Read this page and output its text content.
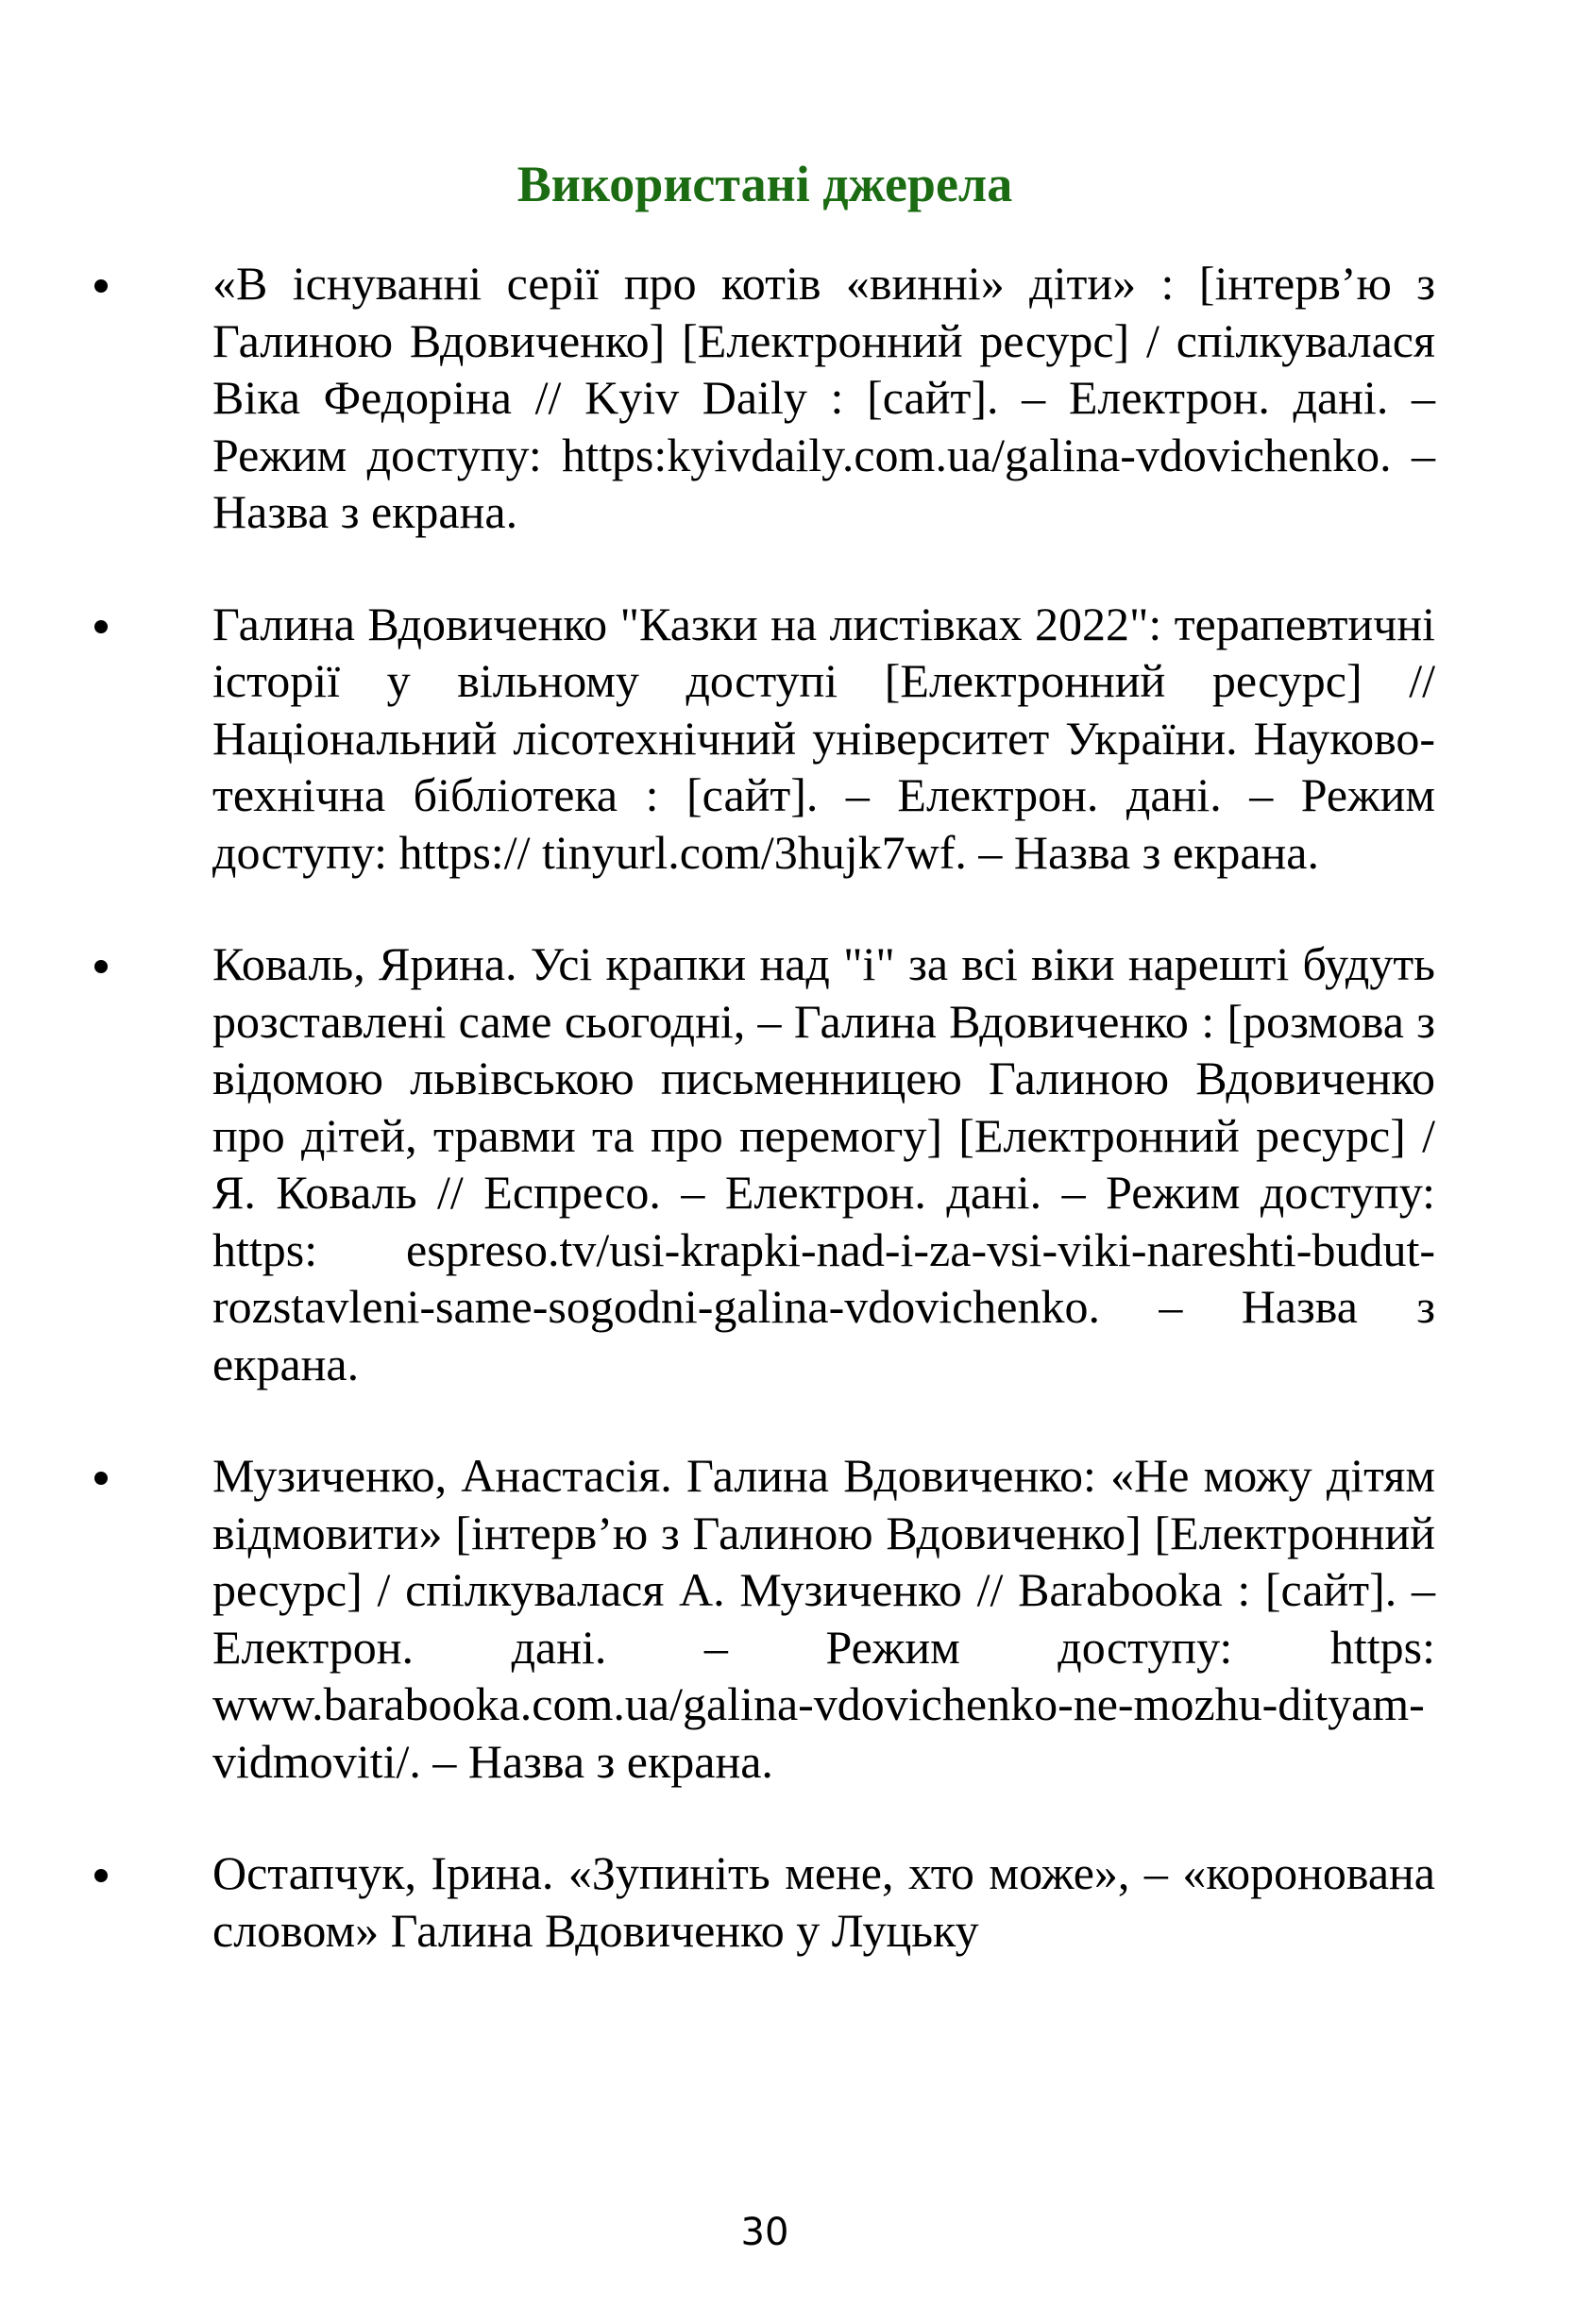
Використані джерела
«В існуванні серії про котів «винні» діти» : [інтерв’ю з Галиною Вдовиченко] [Електронний ресурс] / спілкувалася Віка Федоріна // Kyiv Daily : [сайт]. – Електрон. дані. – Режим доступу: https:kyivdaily.com.ua/galina-vdovichenko. – Назва з екрана.
Галина Вдовиченко "Казки на листівках 2022": терапевтичні історії у вільному доступі [Електронний ресурс] // Національний лісотехнічний університет України. Науково-технічна бібліотека : [сайт]. – Електрон. дані. – Режим доступу: https:// tinyurl.com/3hujk7wf. – Назва з екрана.
Коваль, Ярина. Усі крапки над "і" за всі віки нарешті будуть розставлені саме сьогодні, – Галина Вдовиченко : [розмова з відомою львівською письменницею Галиною Вдовиченко про дітей, травми та про перемогу] [Електронний ресурс] / Я. Коваль // Еспресо. – Електрон. дані. – Режим доступу: https: espreso.tv/usi-krapki-nad-i-za-vsi-viki-nareshti-budut-rozstavleni-same-sogodni-galina-vdovichenko. – Назва з екрана.
Музиченко, Анастасія. Галина Вдовиченко: «Не можу дітям відмовити» [інтерв’ю з Галиною Вдовиченко] [Електронний ресурс] / спілкувалася А. Музиченко // Barabooka : [сайт]. – Електрон. дані. – Режим доступу: https: www.barabooka.com.ua/galina-vdovichenko-ne-mozhu-dityam-vidmoviti/. – Назва з екрана.
Остапчук, Ірина. «Зупиніть мене, хто може», – «коронована словом» Галина Вдовиченко у Луцьку
30
